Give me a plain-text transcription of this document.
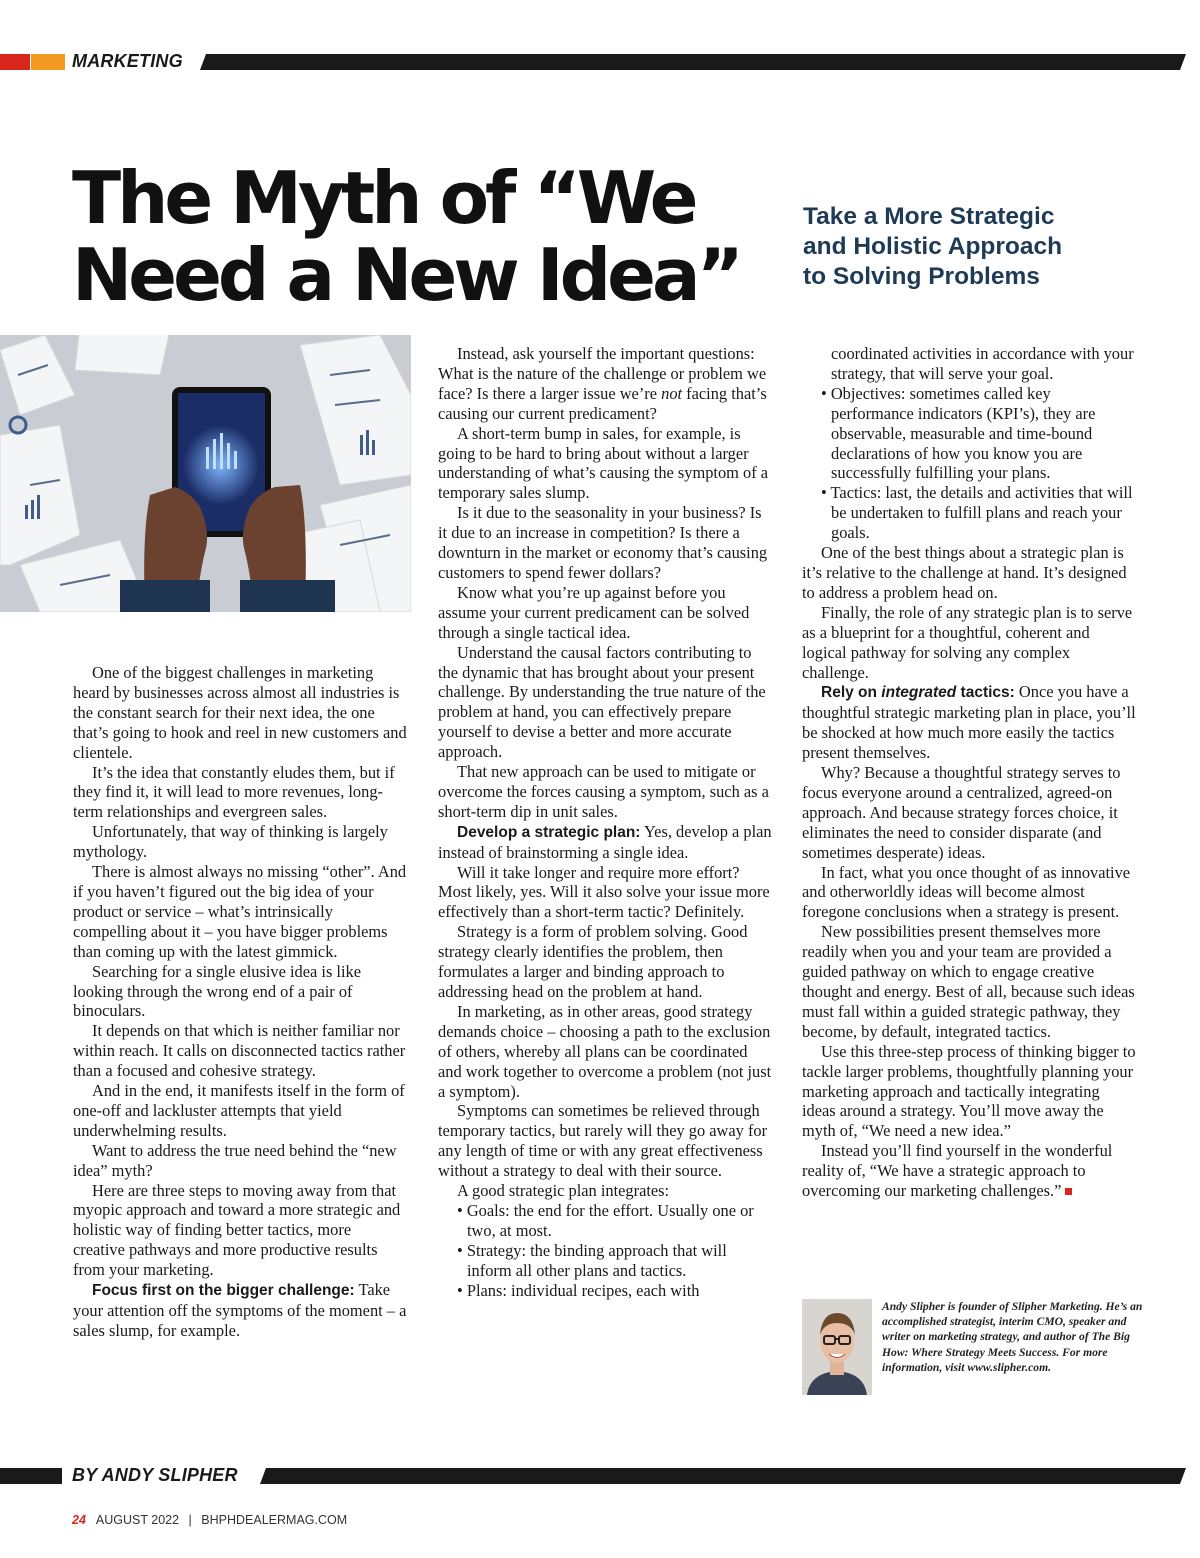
MARKETING
The Myth of “We
Need a New Idea”
Take a More Strategic
and Holistic Approach
to Solving Problems

One of the biggest challenges in marketing heard by businesses across almost all industries is the constant search for their next idea, the one that’s going to hook and reel in new customers and clientele.

It’s the idea that constantly eludes them, but if they find it, it will lead to more revenues, long-term relationships and evergreen sales.

Unfortunately, that way of thinking is largely mythology.

There is almost always no missing “other”. And if you haven’t figured out the big idea of your product or service – what’s intrinsically compelling about it – you have bigger problems than coming up with the latest gimmick.

Searching for a single elusive idea is like looking through the wrong end of a pair of binoculars.

It depends on that which is neither familiar nor within reach. It calls on disconnected tactics rather than a focused and cohesive strategy.

And in the end, it manifests itself in the form of one-off and lackluster attempts that yield underwhelming results.

Want to address the true need behind the “new idea” myth?

Here are three steps to moving away from that myopic approach and toward a more strategic and holistic way of finding better tactics, more creative pathways and more productive results from your marketing.

Focus first on the bigger challenge: Take your attention off the symptoms of the moment – a sales slump, for example.

Instead, ask yourself the important questions: What is the nature of the challenge or problem we face? Is there a larger issue we’re not facing that’s causing our current predicament?

A short-term bump in sales, for example, is going to be hard to bring about without a larger understanding of what’s causing the symptom of a temporary sales slump.

Is it due to the seasonality in your business? Is it due to an increase in competition? Is there a downturn in the market or economy that’s causing customers to spend fewer dollars?

Know what you’re up against before you assume your current predicament can be solved through a single tactical idea.

Understand the causal factors contributing to the dynamic that has brought about your present challenge. By understanding the true nature of the problem at hand, you can effectively prepare yourself to devise a better and more accurate approach.

That new approach can be used to mitigate or overcome the forces causing a symptom, such as a short-term dip in unit sales.

Develop a strategic plan: Yes, develop a plan instead of brainstorming a single idea.

Will it take longer and require more effort? Most likely, yes. Will it also solve your issue more effectively than a short-term tactic? Definitely.

Strategy is a form of problem solving. Good strategy clearly identifies the problem, then formulates a larger and binding approach to addressing head on the problem at hand.

In marketing, as in other areas, good strategy demands choice – choosing a path to the exclusion of others, whereby all plans can be coordinated and work together to overcome a problem (not just a symptom).

Symptoms can sometimes be relieved through temporary tactics, but rarely will they go away for any length of time or with any great effectiveness without a strategy to deal with their source.

A good strategic plan integrates:

• Goals: the end for the effort. Usually one or two, at most.
• Strategy: the binding approach that will inform all other plans and tactics.
• Plans: individual recipes, each with

coordinated activities in accordance with your strategy, that will serve your goal.

• Objectives: sometimes called key performance indicators (KPI’s), they are observable, measurable and time-bound declarations of how you know you are successfully fulfilling your plans.
• Tactics: last, the details and activities that will be undertaken to fulfill plans and reach your goals.

One of the best things about a strategic plan is it’s relative to the challenge at hand. It’s designed to address a problem head on.

Finally, the role of any strategic plan is to serve as a blueprint for a thoughtful, coherent and logical pathway for solving any complex challenge.

Rely on integrated tactics: Once you have a thoughtful strategic marketing plan in place, you’ll be shocked at how much more easily the tactics present themselves.

Why? Because a thoughtful strategy serves to focus everyone around a centralized, agreed-on approach. And because strategy forces choice, it eliminates the need to consider disparate (and sometimes desperate) ideas.

In fact, what you once thought of as innovative and otherworldly ideas will become almost foregone conclusions when a strategy is present.

New possibilities present themselves more readily when you and your team are provided a guided pathway on which to engage creative thought and energy. Best of all, because such ideas must fall within a guided strategic pathway, they become, by default, integrated tactics.

Use this three-step process of thinking bigger to tackle larger problems, thoughtfully planning your marketing approach and tactically integrating ideas around a strategy. You’ll move away the myth of, “We need a new idea.”

Instead you’ll find yourself in the wonderful reality of, “We have a strategic approach to overcoming our marketing challenges.”

Andy Slipher is founder of Slipher Marketing. He’s an accomplished strategist, interim CMO, speaker and writer on marketing strategy, and author of The Big How: Where Strategy Meets Success. For more information, visit www.slipher.com.
BY ANDY SLIPHER
24 AUGUST 2022 | BHPHDEALERMAG.COM
